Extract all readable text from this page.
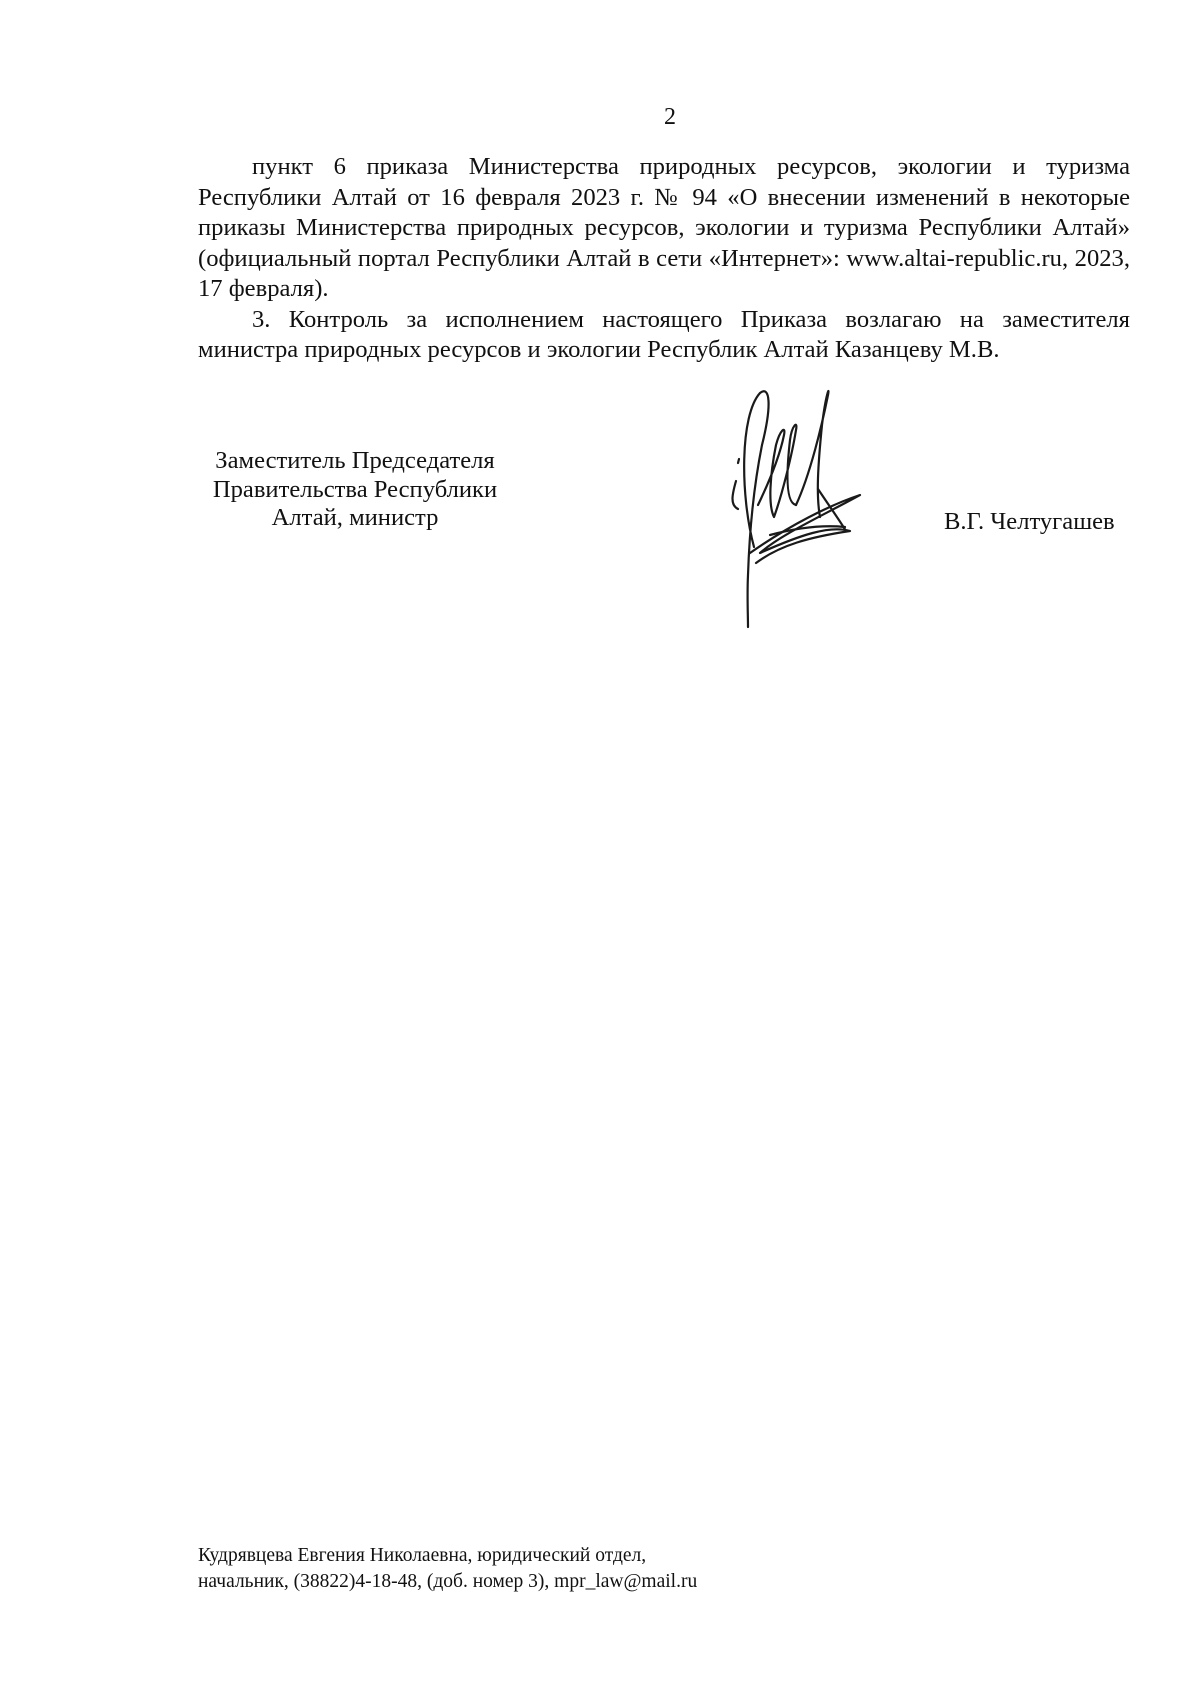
2

пункт 6 приказа Министерства природных ресурсов, экологии и туризма Республики Алтай от 16 февраля 2023 г. № 94 «О внесении изменений в некоторые приказы Министерства природных ресурсов, экологии и туризма Республики Алтай» (официальный портал Республики Алтай в сети «Интернет»: www.altai-republic.ru, 2023, 17 февраля).

3. Контроль за исполнением настоящего Приказа возлагаю на заместителя министра природных ресурсов и экологии Республик Алтай Казанцеву М.В.

Заместитель Председателя
Правительства Республики
Алтай, министр	В.Г. Челтугашев
Кудрявцева Евгения Николаевна, юридический отдел,
начальник, (38822)4-18-48, (доб. номер 3), mpr_law@mail.ru
